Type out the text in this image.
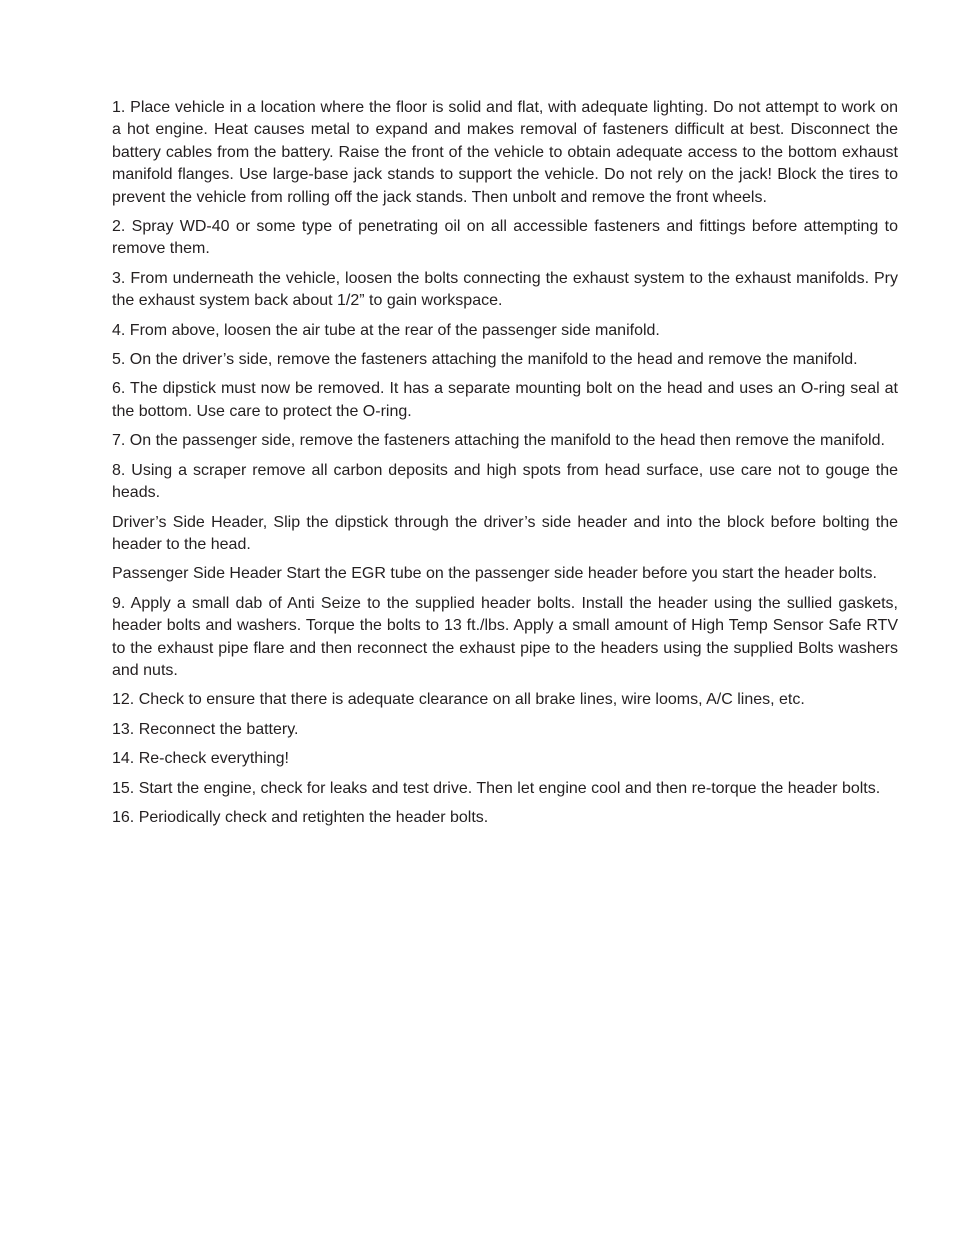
1. Place vehicle in a location where the floor is solid and flat, with adequate lighting. Do not attempt to work on a hot engine. Heat causes metal to expand and makes removal of fasteners difficult at best. Disconnect the battery cables from the battery. Raise the front of the vehicle to obtain adequate access to the bottom exhaust manifold flanges. Use large-base jack stands to support the vehicle. Do not rely on the jack! Block the tires to prevent the vehicle from rolling off the jack stands. Then unbolt and remove the front wheels.

2. Spray WD-40 or some type of penetrating oil on all accessible fasteners and fittings before attempting to remove them.

3. From underneath the vehicle, loosen the bolts connecting the exhaust system to the exhaust manifolds. Pry the exhaust system back about 1/2” to gain workspace.

4. From above, loosen the air tube at the rear of the passenger side manifold.

5. On the driver’s side, remove the fasteners attaching the manifold to the head and remove the manifold.

6. The dipstick must now be removed. It has a separate mounting bolt on the head and uses an O-ring seal at the bottom. Use care to protect the O-ring.

7. On the passenger side, remove the fasteners attaching the manifold to the head then remove the manifold.

8. Using a scraper remove all carbon deposits and high spots from head surface, use care not to gouge the heads.

Driver’s Side Header, Slip the dipstick through the driver’s side header and into the block before bolting the header to the head.

Passenger Side Header Start the EGR tube on the passenger side header before you start the header bolts.

9. Apply a small dab of Anti Seize to the supplied header bolts. Install the header using the sullied gaskets, header bolts and washers. Torque the bolts to 13 ft./lbs. Apply a small amount of High Temp Sensor Safe RTV to the exhaust pipe flare and then reconnect the exhaust pipe to the headers using the supplied Bolts washers and nuts.

12. Check to ensure that there is adequate clearance on all brake lines, wire looms, A/C lines, etc.

13. Reconnect the battery.

14. Re-check everything!

15. Start the engine, check for leaks and test drive. Then let engine cool and then re-torque the header bolts.

16. Periodically check and retighten the header bolts.
